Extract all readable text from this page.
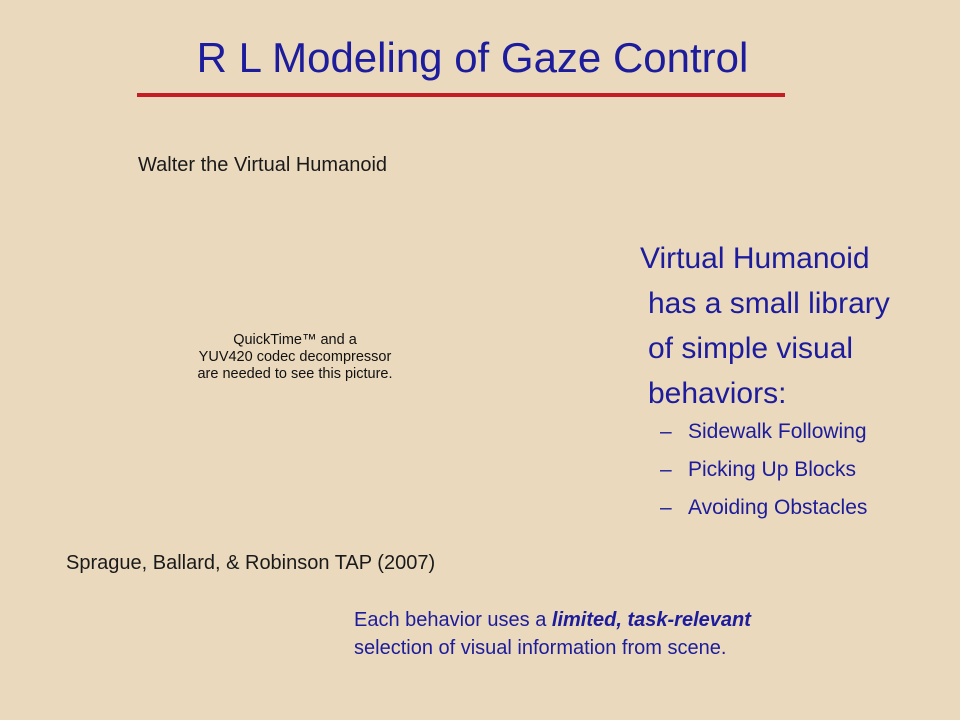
R L Modeling of Gaze Control
Walter the Virtual Humanoid
QuickTime™ and a
YUV420 codec decompressor
are needed to see this picture.
Virtual Humanoid
has a small library
of simple visual
behaviors:
– Sidewalk Following
– Picking Up Blocks
– Avoiding Obstacles
Sprague, Ballard, & Robinson TAP (2007)
Each behavior uses a limited, task-relevant
selection of visual information from scene.
